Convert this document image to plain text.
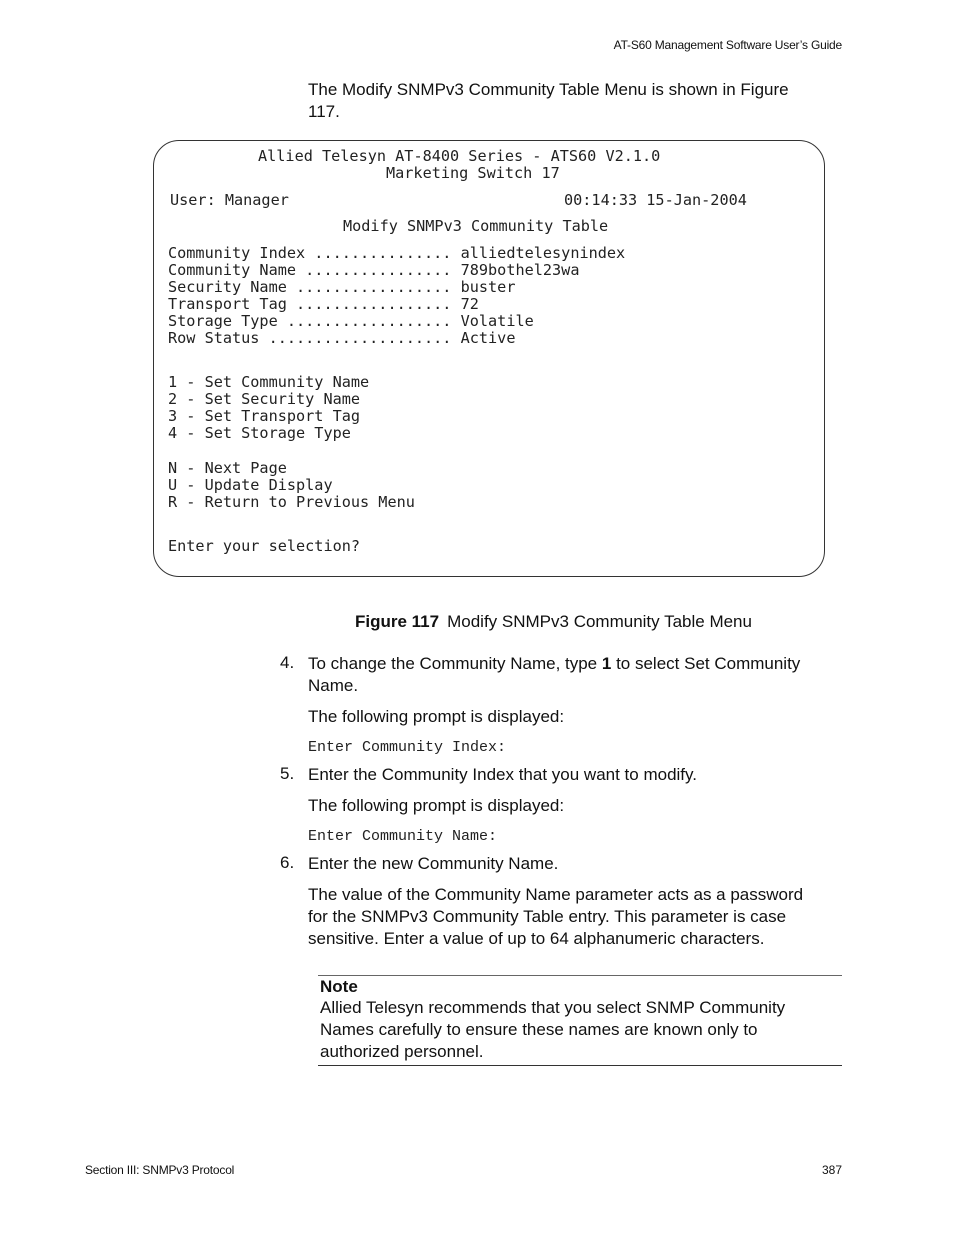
AT-S60 Management Software User’s Guide
The Modify SNMPv3 Community Table Menu is shown in Figure 117.
Allied Telesyn AT-8400 Series - ATS60 V2.1.0
Marketing Switch 17
User: Manager	00:14:33 15-Jan-2004
Modify SNMPv3 Community Table
Community Index ............... alliedtelesynindex
Community Name ................ 789bothel23wa
Security Name ................. buster
Transport Tag ................. 72
Storage Type .................. Volatile
Row Status .................... Active
1 - Set Community Name
2 - Set Security Name
3 - Set Transport Tag
4 - Set Storage Type
N - Next Page
U - Update Display
R - Return to Previous Menu
Enter your selection?
Figure 117 Modify SNMPv3 Community Table Menu
4. To change the Community Name, type 1 to select Set Community Name.
The following prompt is displayed:
Enter Community Index:
5. Enter the Community Index that you want to modify.
The following prompt is displayed:
Enter Community Name:
6. Enter the new Community Name.
The value of the Community Name parameter acts as a password for the SNMPv3 Community Table entry. This parameter is case sensitive. Enter a value of up to 64 alphanumeric characters.
Note
Allied Telesyn recommends that you select SNMP Community Names carefully to ensure these names are known only to authorized personnel.
Section III: SNMPv3 Protocol	387
